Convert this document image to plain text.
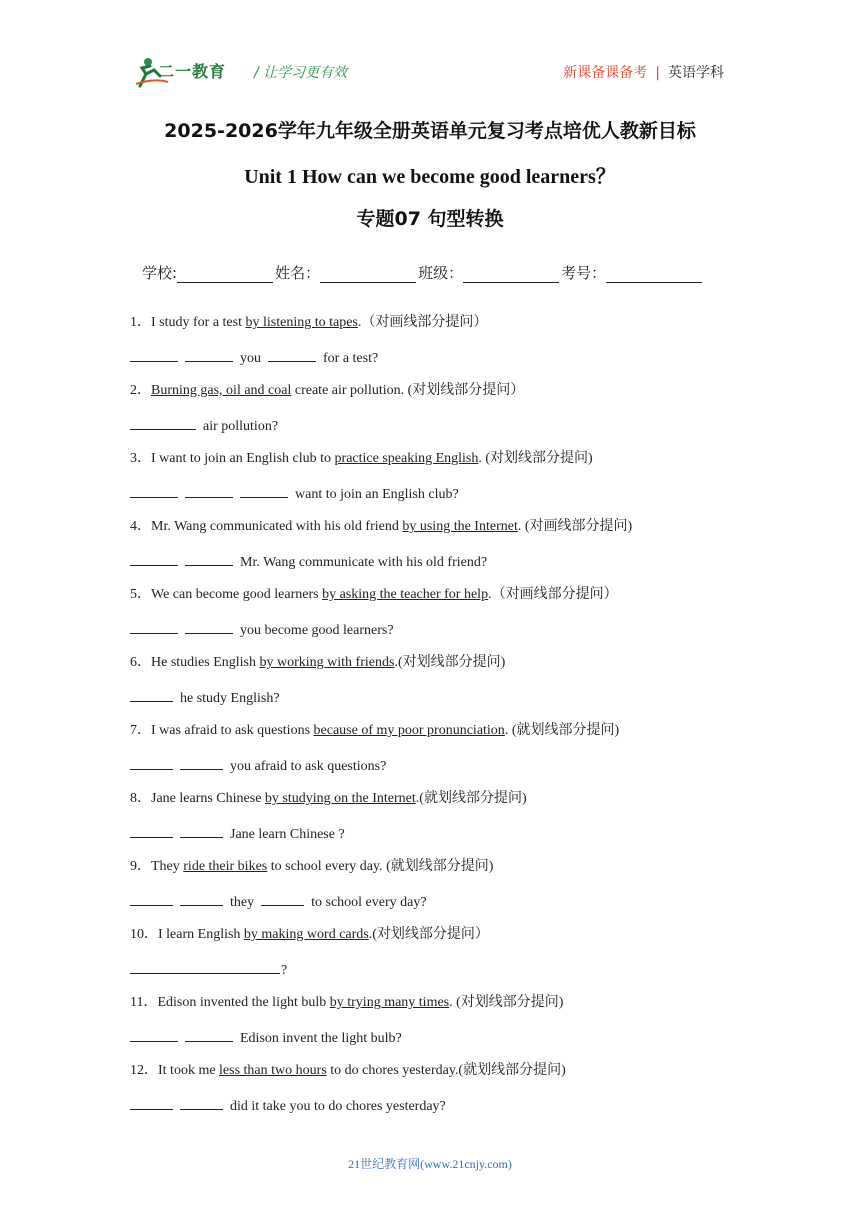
二一教育 / 让学习更有效	新课备课备考 | 英语学科
2025-2026学年九年级全册英语单元复习考点培优人教新目标
Unit 1 How can we become good learners？
专题07 句型转换
学校:	姓名：	班级：	考号：
1．I study for a test by listening to tapes.（对画线部分提问）
you	for a test?
2．Burning gas, oil and coal create air pollution. (对划线部分提问）
air pollution?
3．I want to join an English club to practice speaking English. (对划线部分提问)
want to join an English club?
4．Mr. Wang communicated with his old friend by using the Internet. (对画线部分提问)
Mr. Wang communicate with his old friend?
5．We can become good learners by asking the teacher for help.（对画线部分提问）
you become good learners?
6．He studies English by working with friends.(对划线部分提问)
he study English?
7．I was afraid to ask questions because of my poor pronunciation. (就划线部分提问)
you afraid to ask questions?
8．Jane learns Chinese by studying on the Internet.(就划线部分提问)
Jane learn Chinese ?
9．They ride their bikes to school every day. (就划线部分提问)
they	to school every day?
10．I learn English by making word cards.(对划线部分提问）
?
11．Edison invented the light bulb by trying many times. (对划线部分提问)
Edison invent the light bulb?
12．It took me less than two hours to do chores yesterday.(就划线部分提问)
did it take you to do chores yesterday?
21世纪教育网(www.21cnjy.com)
